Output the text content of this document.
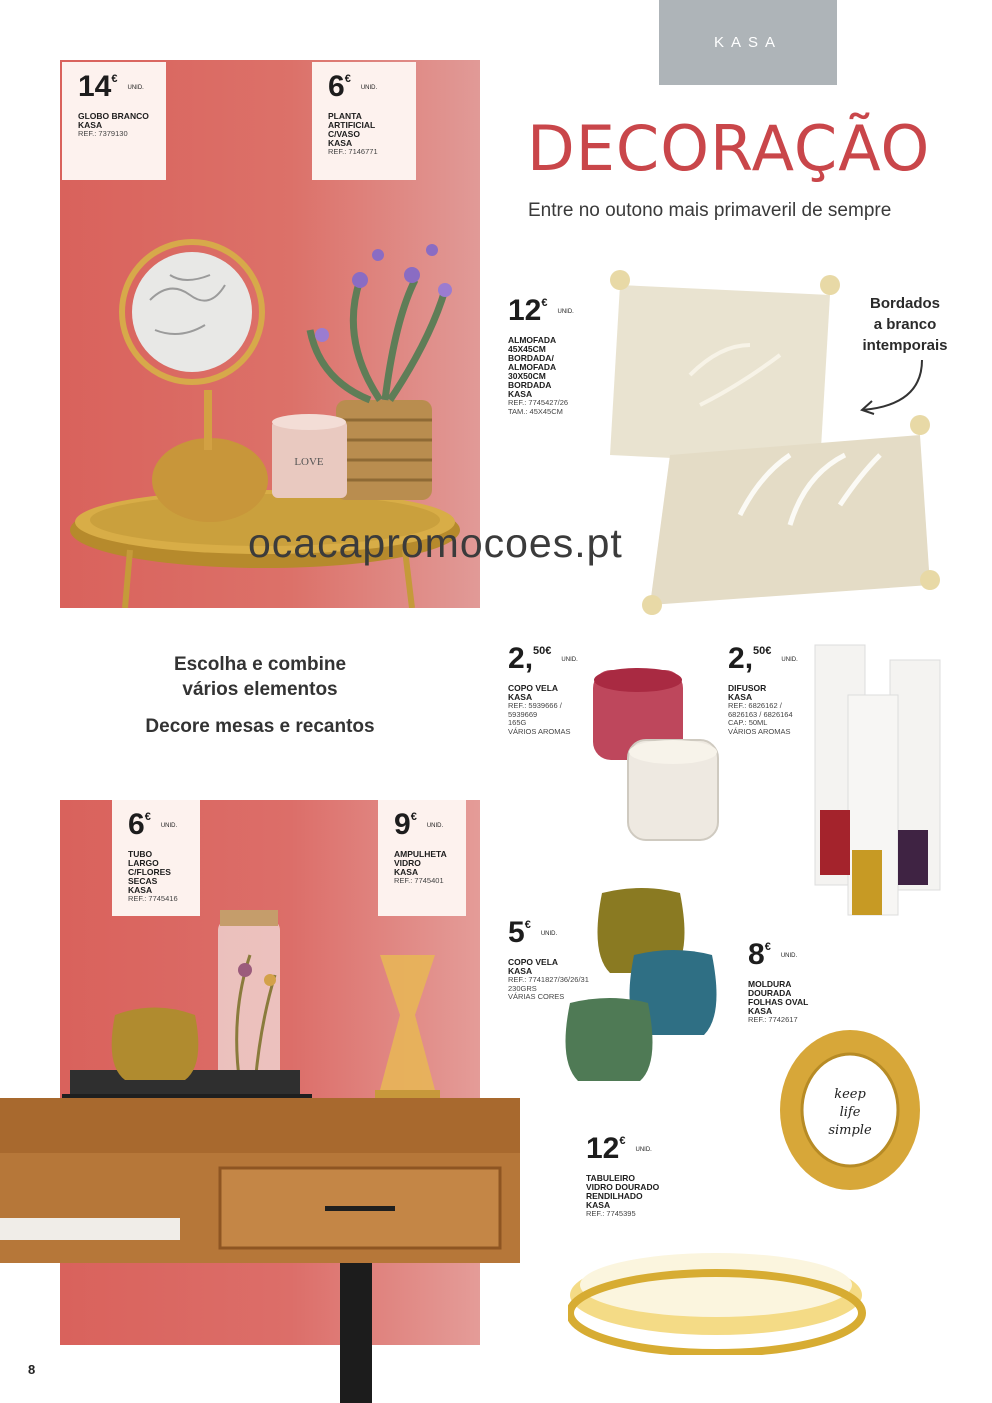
KASA
DECORAÇÃO
Entre no outono mais primaveril de sempre
LOVE
14€UNID.
GLOBO BRANCO
KASA
REF.: 7379130
6€UNID.
PLANTA
ARTIFICIAL
C/VASO
KASA
REF.: 7146771
12€UNID.
ALMOFADA
45X45CM
BORDADA/
ALMOFADA
30X50CM
BORDADA
KASA
REF.: 7745427/26
TAM.: 45X45CM
Bordados
a branco
intemporais
ocacapromocoes.pt
Escolha e combine
vários elementos
Decore mesas e recantos
2,$^{50€}$UNID.
COPO VELA
KASA
REF.: 5939666 /
5939669
165G
VÁRIOS AROMAS
2,$^{50€}$UNID.
DIFUSOR
KASA
REF.: 6826162 /
6826163 / 6826164
CAP.: 50ML
VÁRIOS AROMAS
6€UNID.
TUBO LARGO
C/FLORES SECAS
KASA
REF.: 7745416
9€UNID.
AMPULHETA
VIDRO
KASA
REF.: 7745401
5€UNID.
COPO VELA
KASA
REF.: 7741827/36/26/31
230GRS
VÁRIAS CORES
8€UNID.
MOLDURA
DOURADA
FOLHAS OVAL
KASA
REF.: 7742617
keep
life
simple
12€UNID.
TABULEIRO
VIDRO DOURADO
RENDILHADO
KASA
REF.: 7745395
8
